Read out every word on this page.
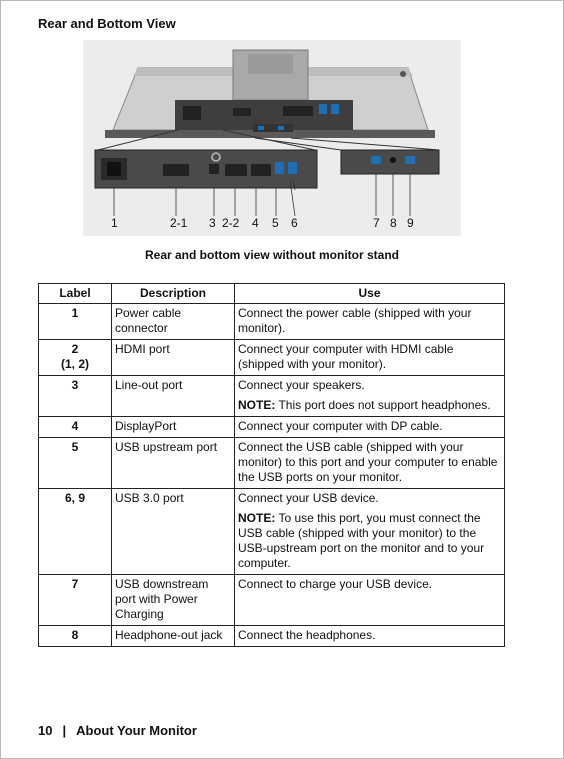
Rear and Bottom View
1	2-1 3 2-2 4 5 6	7 8 9
Rear and bottom view without monitor stand
Label	Description	Use
1	Power cable connector	Connect the power cable (shipped with your monitor).

2
(1, 2)	HDMI port	Connect your computer with HDMI cable (shipped with your monitor).

3	Line-out port	Connect your speakers.

NOTE: This port does not support headphones.

4	DisplayPort	Connect your computer with DP cable.

5	USB upstream port	Connect the USB cable (shipped with your monitor) to this port and your computer to enable the USB ports on your monitor.

6, 9	USB 3.0 port	Connect your USB device.

NOTE: To use this port, you must connect the USB cable (shipped with your monitor) to the USB-upstream port on the monitor and to your computer.

7	USB downstream port with Power Charging	Connect to charge your USB device.

8	Headphone-out jack	Connect the headphones.

10 | About Your Monitor
